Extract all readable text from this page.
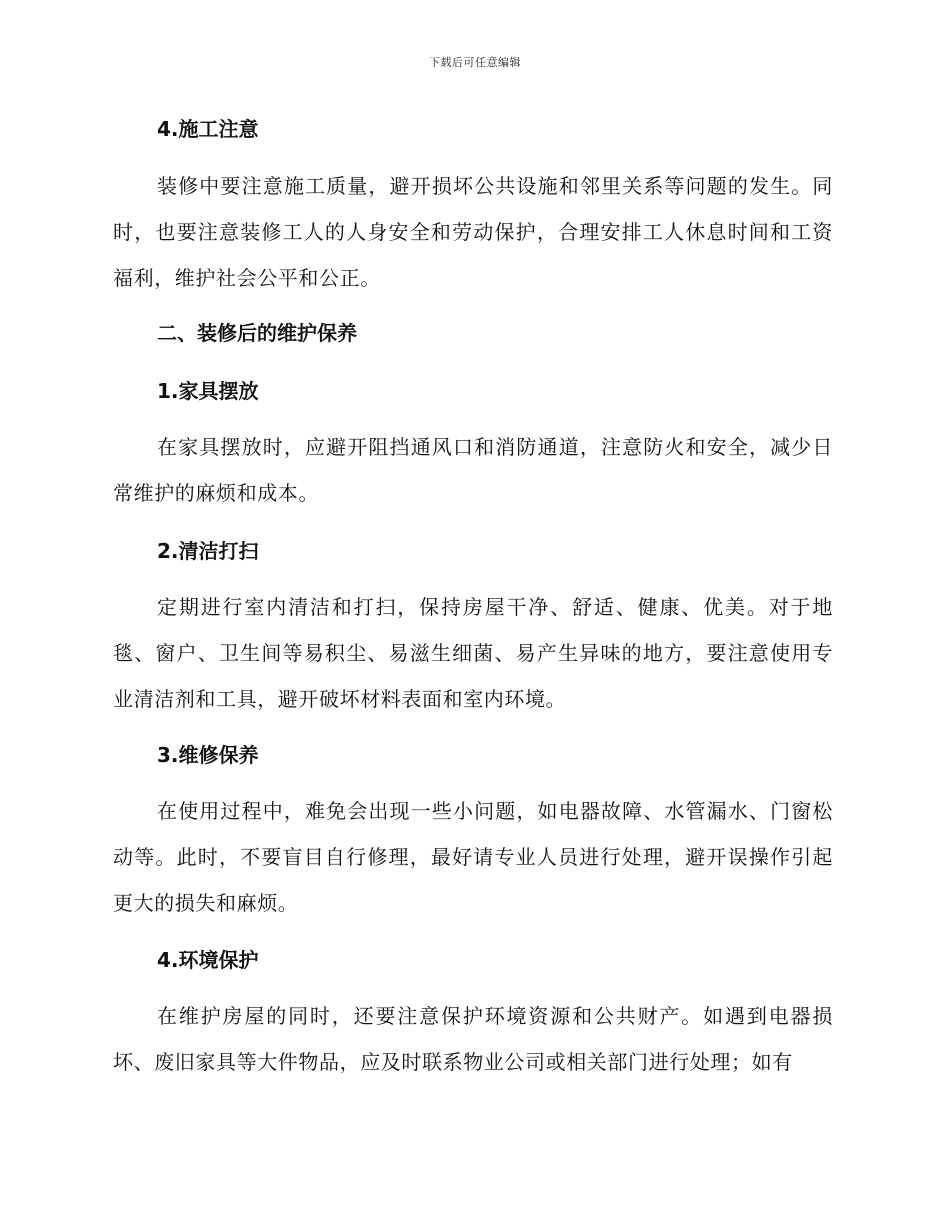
下载后可任意编辑
4.施工注意
装修中要注意施工质量，避开损坏公共设施和邻里关系等问题的发生。同时，也要注意装修工人的人身安全和劳动保护，合理安排工人休息时间和工资福利，维护社会公平和公正。
二、装修后的维护保养
1.家具摆放
在家具摆放时，应避开阻挡通风口和消防通道，注意防火和安全，减少日常维护的麻烦和成本。
2.清洁打扫
定期进行室内清洁和打扫，保持房屋干净、舒适、健康、优美。对于地毯、窗户、卫生间等易积尘、易滋生细菌、易产生异味的地方，要注意使用专业清洁剂和工具，避开破坏材料表面和室内环境。
3.维修保养
在使用过程中，难免会出现一些小问题，如电器故障、水管漏水、门窗松动等。此时，不要盲目自行修理，最好请专业人员进行处理，避开误操作引起更大的损失和麻烦。
4.环境保护
在维护房屋的同时，还要注意保护环境资源和公共财产。如遇到电器损坏、废旧家具等大件物品，应及时联系物业公司或相关部门进行处理；如有
